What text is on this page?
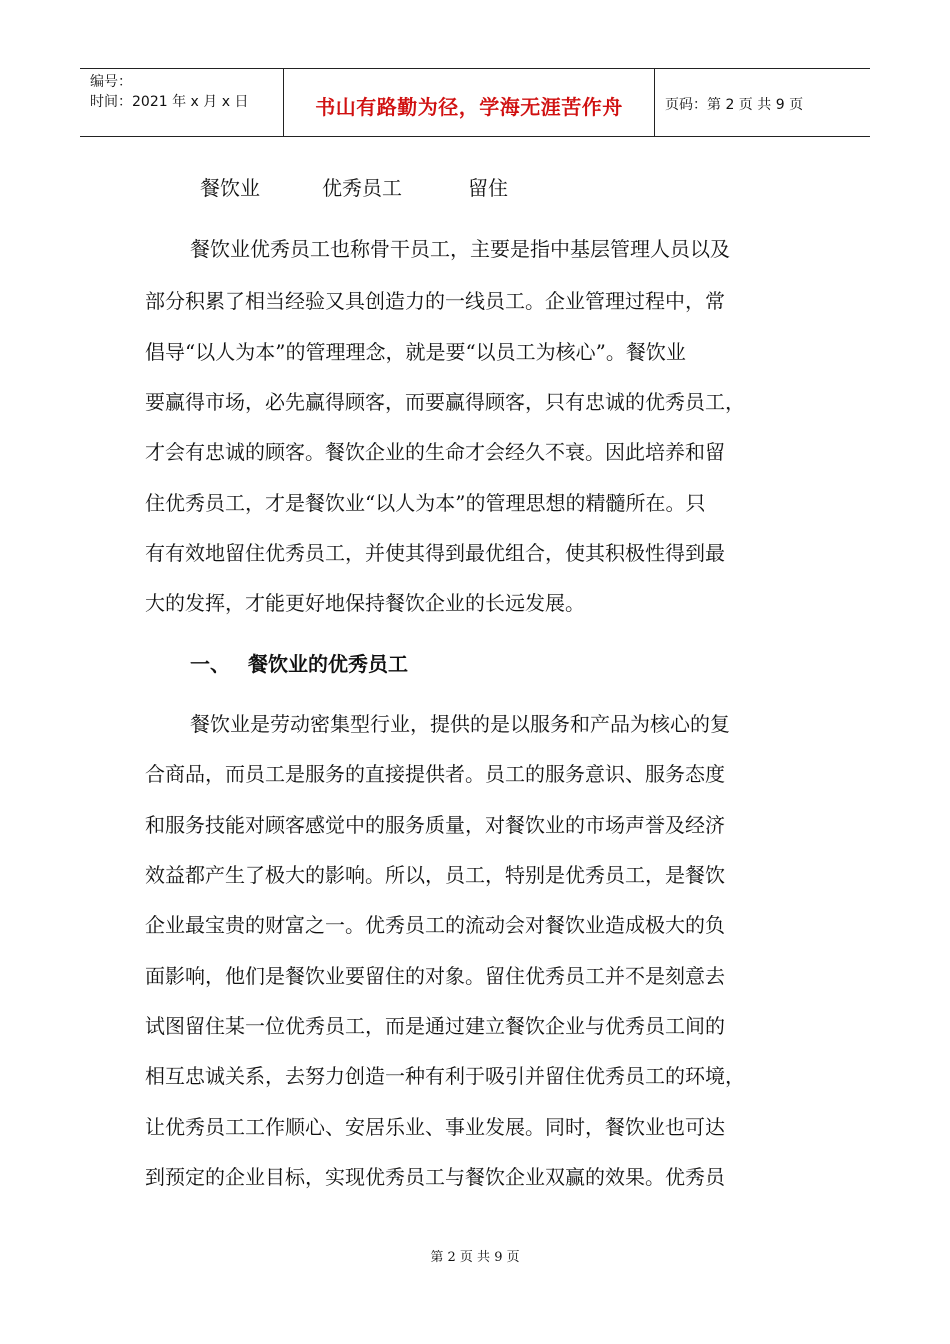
编号：
时间：2021 年 x 月 x 日	书山有路勤为径，学海无涯苦作舟	页码：第 2 页 共 9 页
餐饮业	优秀员工	留住
餐饮业优秀员工也称骨干员工，主要是指中基层管理人员以及
部分积累了相当经验又具创造力的一线员工。企业管理过程中，常
倡导“以人为本”的管理理念，就是要“以员工为核心”。餐饮业
要赢得市场，必先赢得顾客，而要赢得顾客，只有忠诚的优秀员工，
才会有忠诚的顾客。餐饮企业的生命才会经久不衰。因此培养和留
住优秀员工，才是餐饮业“以人为本”的管理思想的精髓所在。只
有有效地留住优秀员工，并使其得到最优组合，使其积极性得到最
大的发挥，才能更好地保持餐饮企业的长远发展。
一、 餐饮业的优秀员工
餐饮业是劳动密集型行业，提供的是以服务和产品为核心的复
合商品，而员工是服务的直接提供者。员工的服务意识、服务态度
和服务技能对顾客感觉中的服务质量，对餐饮业的市场声誉及经济
效益都产生了极大的影响。所以，员工，特别是优秀员工，是餐饮
企业最宝贵的财富之一。优秀员工的流动会对餐饮业造成极大的负
面影响，他们是餐饮业要留住的对象。留住优秀员工并不是刻意去
试图留住某一位优秀员工，而是通过建立餐饮企业与优秀员工间的
相互忠诚关系，去努力创造一种有利于吸引并留住优秀员工的环境，
让优秀员工工作顺心、安居乐业、事业发展。同时，餐饮业也可达
到预定的企业目标，实现优秀员工与餐饮企业双赢的效果。优秀员
第 2 页 共 9 页
